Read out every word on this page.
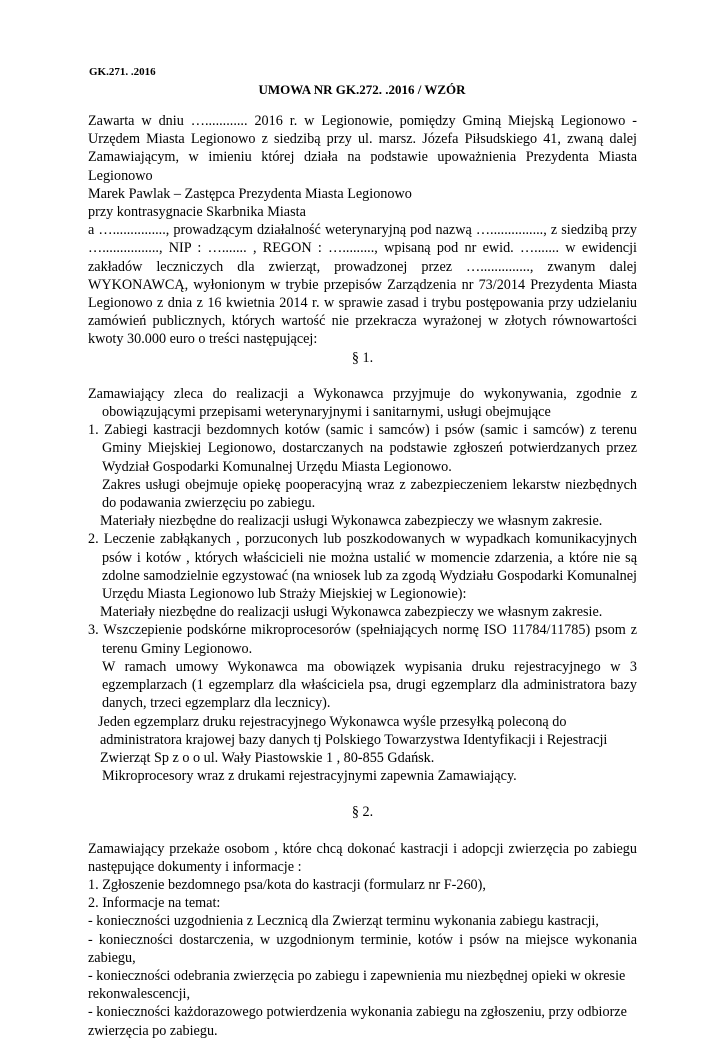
GK.271. .2016
UMOWA NR GK.272. .2016 / WZÓR

Zawarta w dniu …............ 2016 r. w Legionowie, pomiędzy Gminą Miejską Legionowo - Urzędem Miasta Legionowo z siedzibą przy ul. marsz. Józefa Piłsudskiego 41, zwaną dalej Zamawiającym, w imieniu której działa na podstawie upoważnienia Prezydenta Miasta Legionowo

Marek Pawlak – Zastępca Prezydenta Miasta Legionowo

przy kontrasygnacie Skarbnika Miasta

a …..............., prowadzącym działalność weterynaryjną pod nazwą …..............., z siedzibą przy …................, NIP : …....... , REGON : …........., wpisaną pod nr ewid. …....... w ewidencji zakładów leczniczych dla zwierząt, prowadzonej przez ….............., zwanym dalej WYKONAWCĄ, wyłonionym w trybie przepisów Zarządzenia nr 73/2014 Prezydenta Miasta Legionowo z dnia z 16 kwietnia 2014 r. w sprawie zasad i trybu postępowania przy udzielaniu zamówień publicznych, których wartość nie przekracza wyrażonej w złotych równowartości kwoty 30.000 euro o treści następującej:

§ 1.

Zamawiający zleca do realizacji a Wykonawca przyjmuje do wykonywania, zgodnie z obowiązującymi przepisami weterynaryjnymi i sanitarnymi, usługi obejmujące

1. Zabiegi kastracji bezdomnych kotów (samic i samców) i psów (samic i samców) z terenu Gminy Miejskiej Legionowo, dostarczanych na podstawie zgłoszeń potwierdzanych przez Wydział Gospodarki Komunalnej Urzędu Miasta Legionowo.

Zakres usługi obejmuje opiekę pooperacyjną wraz z zabezpieczeniem lekarstw niezbędnych do podawania zwierzęciu po zabiegu.

Materiały niezbędne do realizacji usługi Wykonawca zabezpieczy we własnym zakresie.

2. Leczenie zabłąkanych , porzuconych lub poszkodowanych w wypadkach komunikacyjnych psów i kotów , których właścicieli nie można ustalić w momencie zdarzenia, a które nie są zdolne samodzielnie egzystować (na wniosek lub za zgodą Wydziału Gospodarki Komunalnej Urzędu Miasta Legionowo lub Straży Miejskiej w Legionowie):

Materiały niezbędne do realizacji usługi Wykonawca zabezpieczy we własnym zakresie.

3. Wszczepienie podskórne mikroprocesorów (spełniających normę ISO 11784/11785) psom z terenu Gminy Legionowo.

W ramach umowy Wykonawca ma obowiązek wypisania druku rejestracyjnego w 3 egzemplarzach (1 egzemplarz dla właściciela psa, drugi egzemplarz dla administratora bazy danych, trzeci egzemplarz dla lecznicy).

Jeden egzemplarz druku rejestracyjnego Wykonawca wyśle przesyłką poleconą do administratora krajowej bazy danych tj Polskiego Towarzystwa Identyfikacji i Rejestracji Zwierząt Sp z o o ul. Wały Piastowskie 1 , 80-855 Gdańsk.

Mikroprocesory wraz z drukami rejestracyjnymi zapewnia Zamawiający.

§ 2.

Zamawiający przekaże osobom , które chcą dokonać kastracji i adopcji zwierzęcia po zabiegu następujące dokumenty i informacje :

1. Zgłoszenie bezdomnego psa/kota do kastracji (formularz nr F-260),

2. Informacje na temat:

- konieczności uzgodnienia z Lecznicą dla Zwierząt terminu wykonania zabiegu kastracji,

- konieczności dostarczenia, w uzgodnionym terminie, kotów i psów na miejsce wykonania zabiegu,

- konieczności odebrania zwierzęcia po zabiegu i zapewnienia mu niezbędnej opieki w okresie rekonwalescencji,

- konieczności każdorazowego potwierdzenia wykonania zabiegu na zgłoszeniu, przy odbiorze zwierzęcia po zabiegu.
